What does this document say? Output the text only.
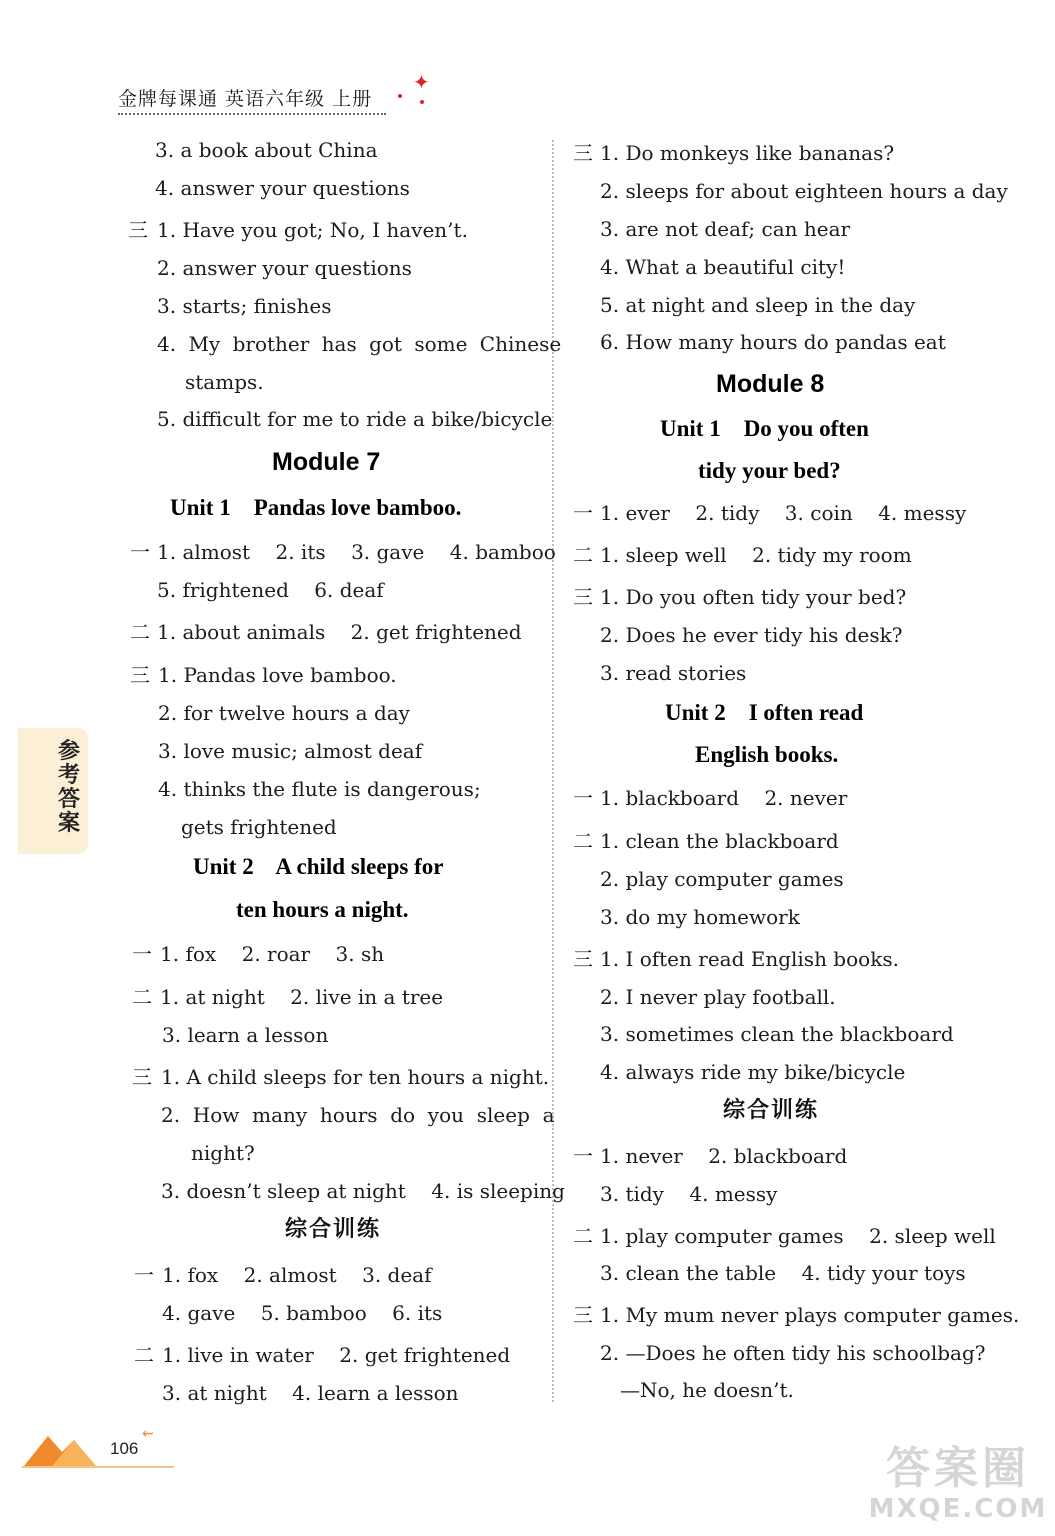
金牌每课通 英语六年级 上册
✦
3. a book about China
4. answer your questions
三 1. Have you got; No, I haven’t.
2. answer your questions
3. starts; finishes
4. My brother has got some Chinese
stamps.
5. difficult for me to ride a bike/bicycle
Module 7
Unit 1    Pandas love bamboo.
一 1. almost    2. its    3. gave    4. bamboo
5. frightened    6. deaf
二 1. about animals    2. get frightened
三 1. Pandas love bamboo.
2. for twelve hours a day
3. love music; almost deaf
4. thinks the flute is dangerous;
gets frightened
Unit 2    A child sleeps for
ten hours a night.
一 1. fox    2. roar    3. sh
二 1. at night    2. live in a tree
3. learn a lesson
三 1. A child sleeps for ten hours a night.
2.  How  many  hours  do  you  sleep  a
night?
3. doesn’t sleep at night    4. is sleeping
综合训练
一 1. fox    2. almost    3. deaf
4. gave    5. bamboo    6. its
二 1. live in water    2. get frightened
3. at night    4. learn a lesson
三 1. Do monkeys like bananas?
2. sleeps for about eighteen hours a day
3. are not deaf; can hear
4. What a beautiful city!
5. at night and sleep in the day
6. How many hours do pandas eat
Module 8
Unit 1    Do you often
tidy your bed?
一 1. ever    2. tidy    3. coin    4. messy
二 1. sleep well    2. tidy my room
三 1. Do you often tidy your bed?
2. Does he ever tidy his desk?
3. read stories
Unit 2    I often read
English books.
一 1. blackboard    2. never
二 1. clean the blackboard
2. play computer games
3. do my homework
三 1. I often read English books.
2. I never play football.
3. sometimes clean the blackboard
4. always ride my bike/bicycle
综合训练
一 1. never    2. blackboard
3. tidy    4. messy
二 1. play computer games    2. sleep well
3. clean the table    4. tidy your toys
三 1. My mum never plays computer games.
2. —Does he often tidy his schoolbag?
—No, he doesn’t.
参考答案
106
⇜
答案圈
MXQE.COM
